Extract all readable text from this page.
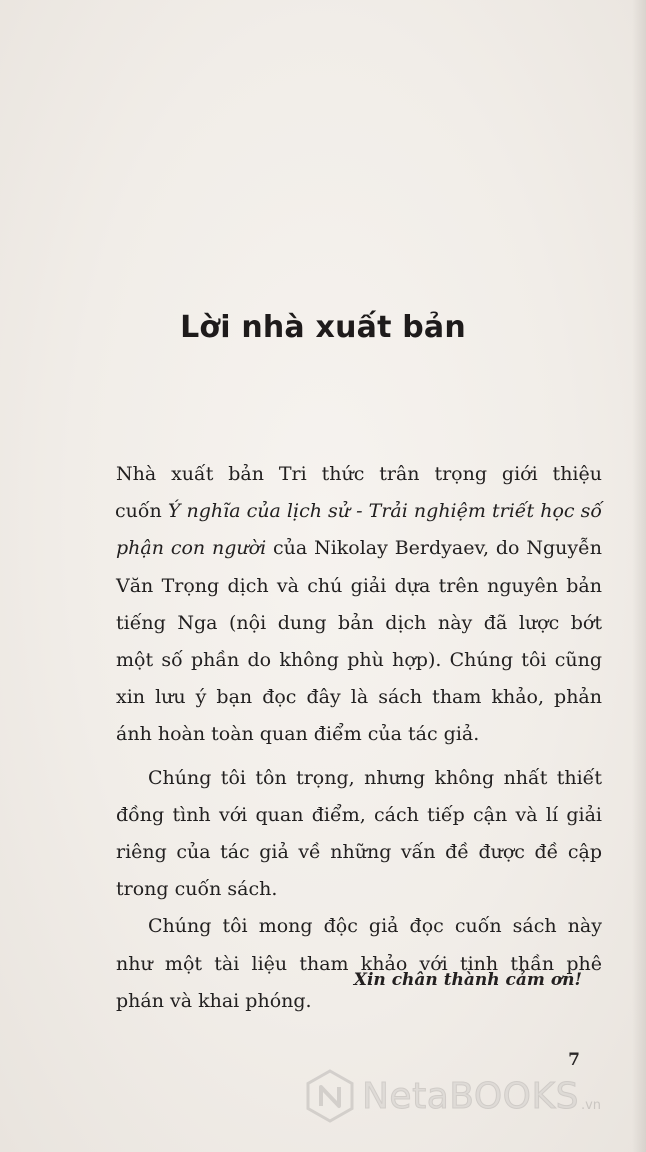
Lời nhà xuất bản

Nhà xuất bản Tri thức trân trọng giới thiệu
cuốn Ý nghĩa của lịch sử - Trải nghiệm triết học số
phận con người của Nikolay Berdyaev, do Nguyễn
Văn Trọng dịch và chú giải dựa trên nguyên bản
tiếng Nga (nội dung bản dịch này đã lược bớt
một số phần do không phù hợp). Chúng tôi cũng
xin lưu ý bạn đọc đây là sách tham khảo, phản
ánh hoàn toàn quan điểm của tác giả.

Chúng tôi tôn trọng, nhưng không nhất thiết
đồng tình với quan điểm, cách tiếp cận và lí giải
riêng của tác giả về những vấn đề được đề cập
trong cuốn sách.

Chúng tôi mong độc giả đọc cuốn sách này
như một tài liệu tham khảo với tinh thần phê
phán và khai phóng.

Xin chân thành cảm ơn!
7
NetaBOOKS .vn
